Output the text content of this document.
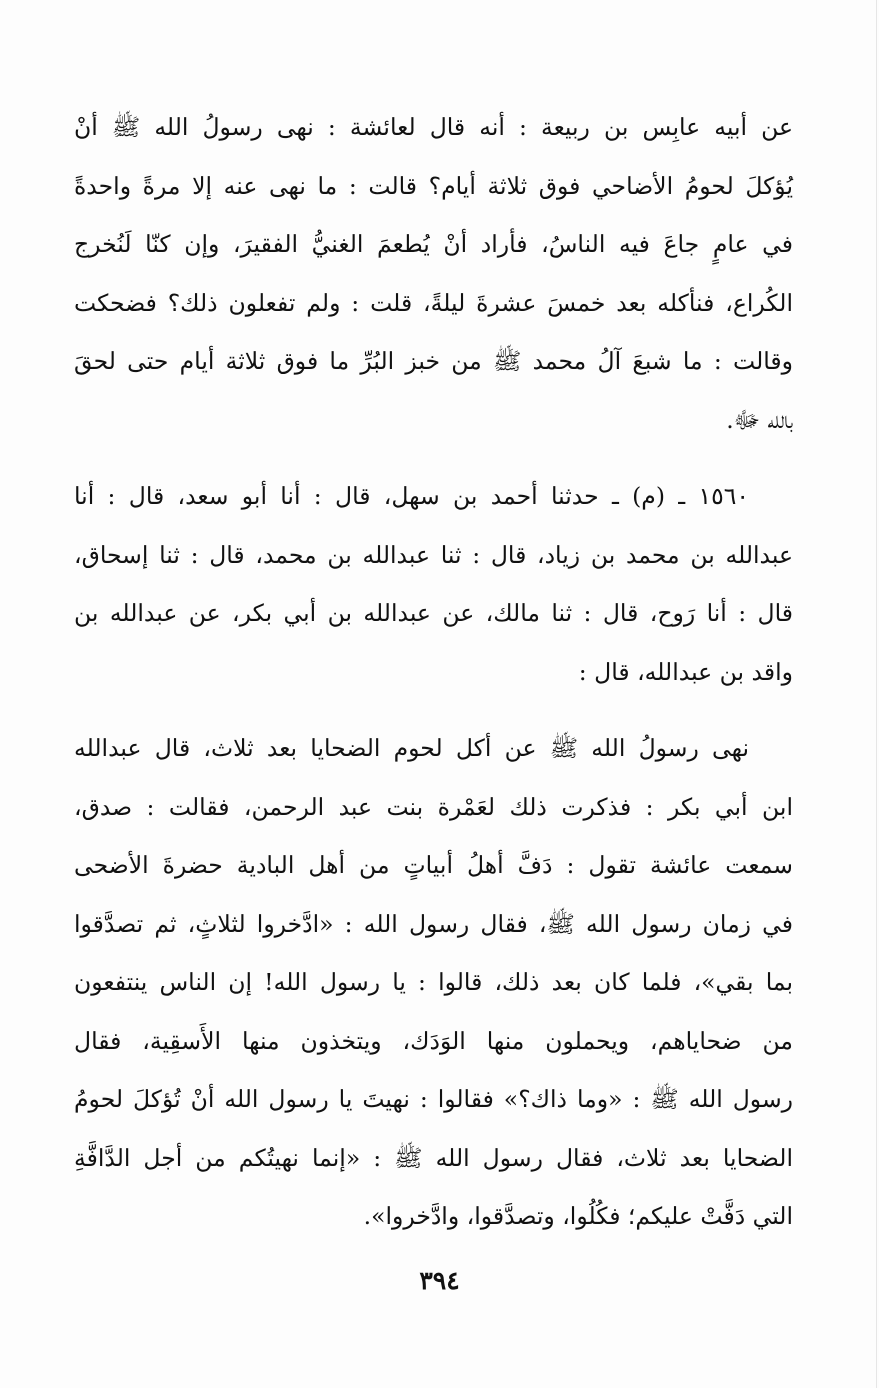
عن أبيه عابِس بن ربيعة : أنه قال لعائشة : نهى رسولُ الله ﷺ أنْ
يُؤكلَ لحومُ الأضاحي فوق ثلاثة أيام؟ قالت : ما نهى عنه إلا مرةً واحدةً
في عامٍ جاعَ فيه الناسُ، فأراد أنْ يُطعمَ الغنيُّ الفقيرَ، وإن كنّا لَنُخرج
الكُراع، فنأكله بعد خمسَ عشرةَ ليلةً، قلت : ولم تفعلون ذلك؟ فضحكت
وقالت : ما شبعَ آلُ محمد ﷺ من خبز البُرِّ ما فوق ثلاثة أيام حتى لحقَ
بالله ﷻ.
١٥٦٠ ـ (م) ـ حدثنا أحمد بن سهل، قال : أنا أبو سعد، قال : أنا
عبدالله بن محمد بن زياد، قال : ثنا عبدالله بن محمد، قال : ثنا إسحاق،
قال : أنا رَوح، قال : ثنا مالك، عن عبدالله بن أبي بكر، عن عبدالله بن
واقد بن عبدالله، قال :
نهى رسولُ الله ﷺ عن أكل لحوم الضحايا بعد ثلاث، قال عبدالله
ابن أبي بكر : فذكرت ذلك لعَمْرة بنت عبد الرحمن، فقالت : صدق،
سمعت عائشة تقول : دَفَّ أهلُ أبياتٍ من أهل البادية حضرةَ الأضحى
في زمان رسول الله ﷺ، فقال رسول الله : «ادَّخروا لثلاثٍ، ثم تصدَّقوا
بما بقي»، فلما كان بعد ذلك، قالوا : يا رسول الله! إن الناس ينتفعون
من ضحاياهم، ويحملون منها الوَدَك، ويتخذون منها الأَسقِية، فقال
رسول الله ﷺ : «وما ذاك؟» فقالوا : نهيتَ يا رسول الله أنْ تُؤكلَ لحومُ
الضحايا بعد ثلاث، فقال رسول الله ﷺ : «إنما نهيتُكم من أجل الدَّافَّةِ
التي دَفَّتْ عليكم؛ فكُلُوا، وتصدَّقوا، وادَّخروا».
٣٩٤
